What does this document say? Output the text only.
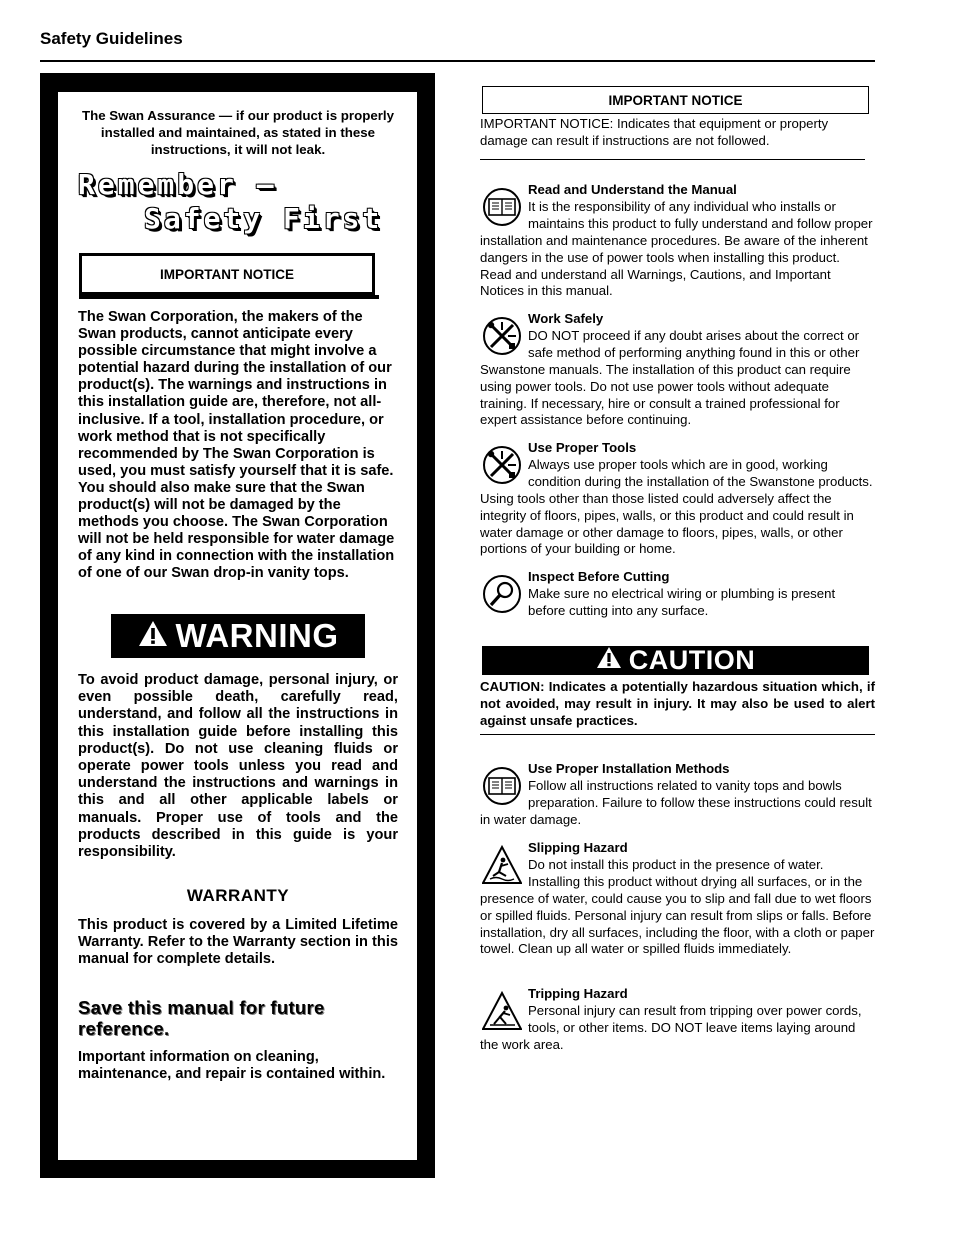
Safety Guidelines
The Swan Assurance — if our product is properly installed and maintained, as stated in these instructions, it will not leak.
Remember –
Safety First
IMPORTANT NOTICE
The Swan Corporation, the makers of the Swan products, cannot anticipate every possible circumstance that might involve a potential hazard during the installation of our product(s). The warnings and instructions in this installation guide are, therefore, not all-inclusive. If a tool, installation procedure, or work method that is not specifically recommended by The Swan Corporation is used, you must satisfy yourself that it is safe. You should also make sure that the Swan product(s) will not be damaged by the methods you choose. The Swan Corporation will not be held responsible for water damage of any kind in connection with the installation of one of our Swan drop-in vanity tops.
WARNING
To avoid product damage, personal injury, or even possible death, carefully read, understand, and follow all the instructions in this installation guide before installing this product(s). Do not use cleaning fluids or operate power tools unless you read and understand the instructions and warnings in this and all other applicable labels or manuals. Proper use of tools and the products described in this guide is your responsibility.
WARRANTY
This product is covered by a Limited Lifetime Warranty. Refer to the Warranty section in this manual for complete details.
Save this manual for future reference.
Important information on cleaning, maintenance, and repair is contained within.
IMPORTANT NOTICE
IMPORTANT NOTICE: Indicates that equipment or property damage can result if instructions are not followed.
Read and Understand the Manual
It is the responsibility of any individual who installs or maintains this product to fully understand and follow proper installation and maintenance procedures. Be aware of the inherent dangers in the use of power tools when installing this product. Read and understand all Warnings, Cautions, and Important Notices in this manual.
Work Safely
DO NOT proceed if any doubt arises about the correct or safe method of performing anything found in this or other Swanstone manuals. The installation of this product can require using power tools. Do not use power tools without adequate training. If necessary, hire or consult a trained professional for expert assistance before continuing.
Use Proper Tools
Always use proper tools which are in good, working condition during the installation of the Swanstone products. Using tools other than those listed could adversely affect the integrity of floors, pipes, walls, or this product and could result in water damage or other damage to floors, pipes, walls, or other portions of your building or home.
Inspect Before Cutting
Make sure no electrical wiring or plumbing is present before cutting into any surface.
CAUTION
CAUTION: Indicates a potentially hazardous situation which, if not avoided, may result in injury. It may also be used to alert against unsafe practices.
Use Proper Installation Methods
Follow all instructions related to vanity tops and bowls preparation. Failure to follow these instructions could result in water damage.
Slipping Hazard
Do not install this product in the presence of water. Installing this product without drying all surfaces, or in the presence of water, could cause you to slip and fall due to wet floors or spilled fluids. Personal injury can result from slips or falls. Before installation, dry all surfaces, including the floor, with a cloth or paper towel. Clean up all water or spilled fluids immediately.
Tripping Hazard
Personal injury can result from tripping over power cords, tools, or other items. DO NOT leave items laying around the work area.
